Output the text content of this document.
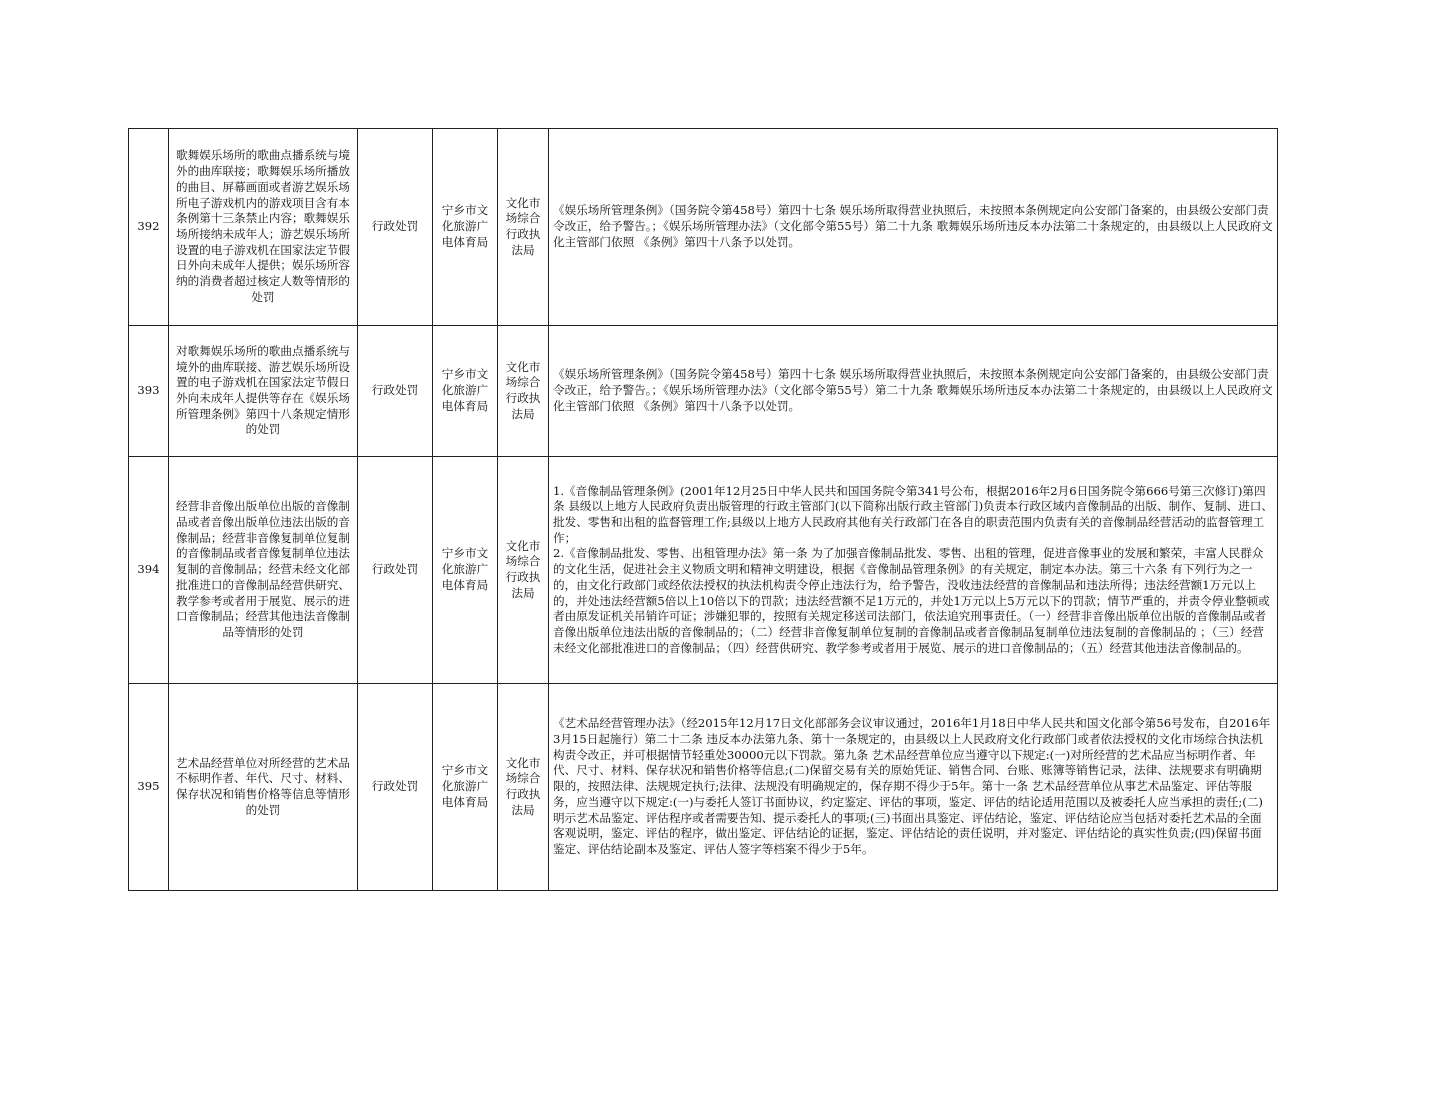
392	歌舞娱乐场所的歌曲点播系统与境外的曲库联接；歌舞娱乐场所播放的曲目、屏幕画面或者游艺娱乐场所电子游戏机内的游戏项目含有本条例第十三条禁止内容；歌舞娱乐场所接纳未成年人；游艺娱乐场所设置的电子游戏机在国家法定节假日外向未成年人提供；娱乐场所容纳的消费者超过核定人数等情形的处罚	行政处罚	宁乡市文化旅游广电体育局	文化市场综合行政执法局	《娱乐场所管理条例》（国务院令第458号）第四十七条 娱乐场所取得营业执照后，未按照本条例规定向公安部门备案的，由县级公安部门责令改正，给予警告。；《娱乐场所管理办法》（文化部令第55号）第二十九条 歌舞娱乐场所违反本办法第二十条规定的，由县级以上人民政府文化主管部门依照 《条例》第四十八条予以处罚。

393	对歌舞娱乐场所的歌曲点播系统与境外的曲库联接、游艺娱乐场所设置的电子游戏机在国家法定节假日外向未成年人提供等存在《娱乐场所管理条例》第四十八条规定情形的处罚	行政处罚	宁乡市文化旅游广电体育局	文化市场综合行政执法局	《娱乐场所管理条例》（国务院令第458号）第四十七条 娱乐场所取得营业执照后，未按照本条例规定向公安部门备案的，由县级公安部门责令改正，给予警告。；《娱乐场所管理办法》（文化部令第55号）第二十九条 歌舞娱乐场所违反本办法第二十条规定的，由县级以上人民政府文化主管部门依照 《条例》第四十八条予以处罚。

394	经营非音像出版单位出版的音像制品或者音像出版单位违法出版的音像制品；经营非音像复制单位复制的音像制品或者音像复制单位违法复制的音像制品；经营未经文化部批准进口的音像制品经营供研究、教学参考或者用于展览、展示的进口音像制品；经营其他违法音像制品等情形的处罚	行政处罚	宁乡市文化旅游广电体育局	文化市场综合行政执法局	1.《音像制品管理条例》(2001年12月25日中华人民共和国国务院令第341号公布，根据2016年2月6日国务院令第666号第三次修订)第四条 县级以上地方人民政府负责出版管理的行政主管部门(以下简称出版行政主管部门)负责本行政区域内音像制品的出版、制作、复制、进口、批发、零售和出租的监督管理工作;县级以上地方人民政府其他有关行政部门在各自的职责范围内负责有关的音像制品经营活动的监督管理工作；
2.《音像制品批发、零售、出租管理办法》第一条 为了加强音像制品批发、零售、出租的管理，促进音像事业的发展和繁荣，丰富人民群众的文化生活，促进社会主义物质文明和精神文明建设，根据《音像制品管理条例》的有关规定，制定本办法。第三十六条 有下列行为之一的，由文化行政部门或经依法授权的执法机构责令停止违法行为，给予警告，没收违法经营的音像制品和违法所得；违法经营额1万元以上的，并处违法经营额5倍以上10倍以下的罚款；违法经营额不足1万元的，并处1万元以上5万元以下的罚款；情节严重的，并责令停业整顿或者由原发证机关吊销许可证；涉嫌犯罪的，按照有关规定移送司法部门，依法追究刑事责任。（一）经营非音像出版单位出版的音像制品或者音像出版单位违法出版的音像制品的；（二）经营非音像复制单位复制的音像制品或者音像制品复制单位违法复制的音像制品的 ；（三）经营未经文化部批准进口的音像制品；（四）经营供研究、教学参考或者用于展览、展示的进口音像制品的；（五）经营其他违法音像制品的。

395	艺术品经营单位对所经营的艺术品不标明作者、年代、尺寸、材料、保存状况和销售价格等信息等情形的处罚	行政处罚	宁乡市文化旅游广电体育局	文化市场综合行政执法局	《艺术品经营管理办法》（经2015年12月17日文化部部务会议审议通过，2016年1月18日中华人民共和国文化部令第56号发布，自2016年3月15日起施行）第二十二条 违反本办法第九条、第十一条规定的，由县级以上人民政府文化行政部门或者依法授权的文化市场综合执法机构责令改正，并可根据情节轻重处30000元以下罚款。第九条 艺术品经营单位应当遵守以下规定:(一)对所经营的艺术品应当标明作者、年代、尺寸、材料、保存状况和销售价格等信息;(二)保留交易有关的原始凭证、销售合同、台账、账簿等销售记录，法律、法规要求有明确期限的，按照法律、法规规定执行;法律、法规没有明确规定的，保存期不得少于5年。第十一条 艺术品经营单位从事艺术品鉴定、评估等服务，应当遵守以下规定:(一)与委托人签订书面协议，约定鉴定、评估的事项，鉴定、评估的结论适用范围以及被委托人应当承担的责任;(二)明示艺术品鉴定、评估程序或者需要告知、提示委托人的事项;(三)书面出具鉴定、评估结论，鉴定、评估结论应当包括对委托艺术品的全面客观说明，鉴定、评估的程序，做出鉴定、评估结论的证据，鉴定、评估结论的责任说明，并对鉴定、评估结论的真实性负责;(四)保留书面鉴定、评估结论副本及鉴定、评估人签字等档案不得少于5年。
